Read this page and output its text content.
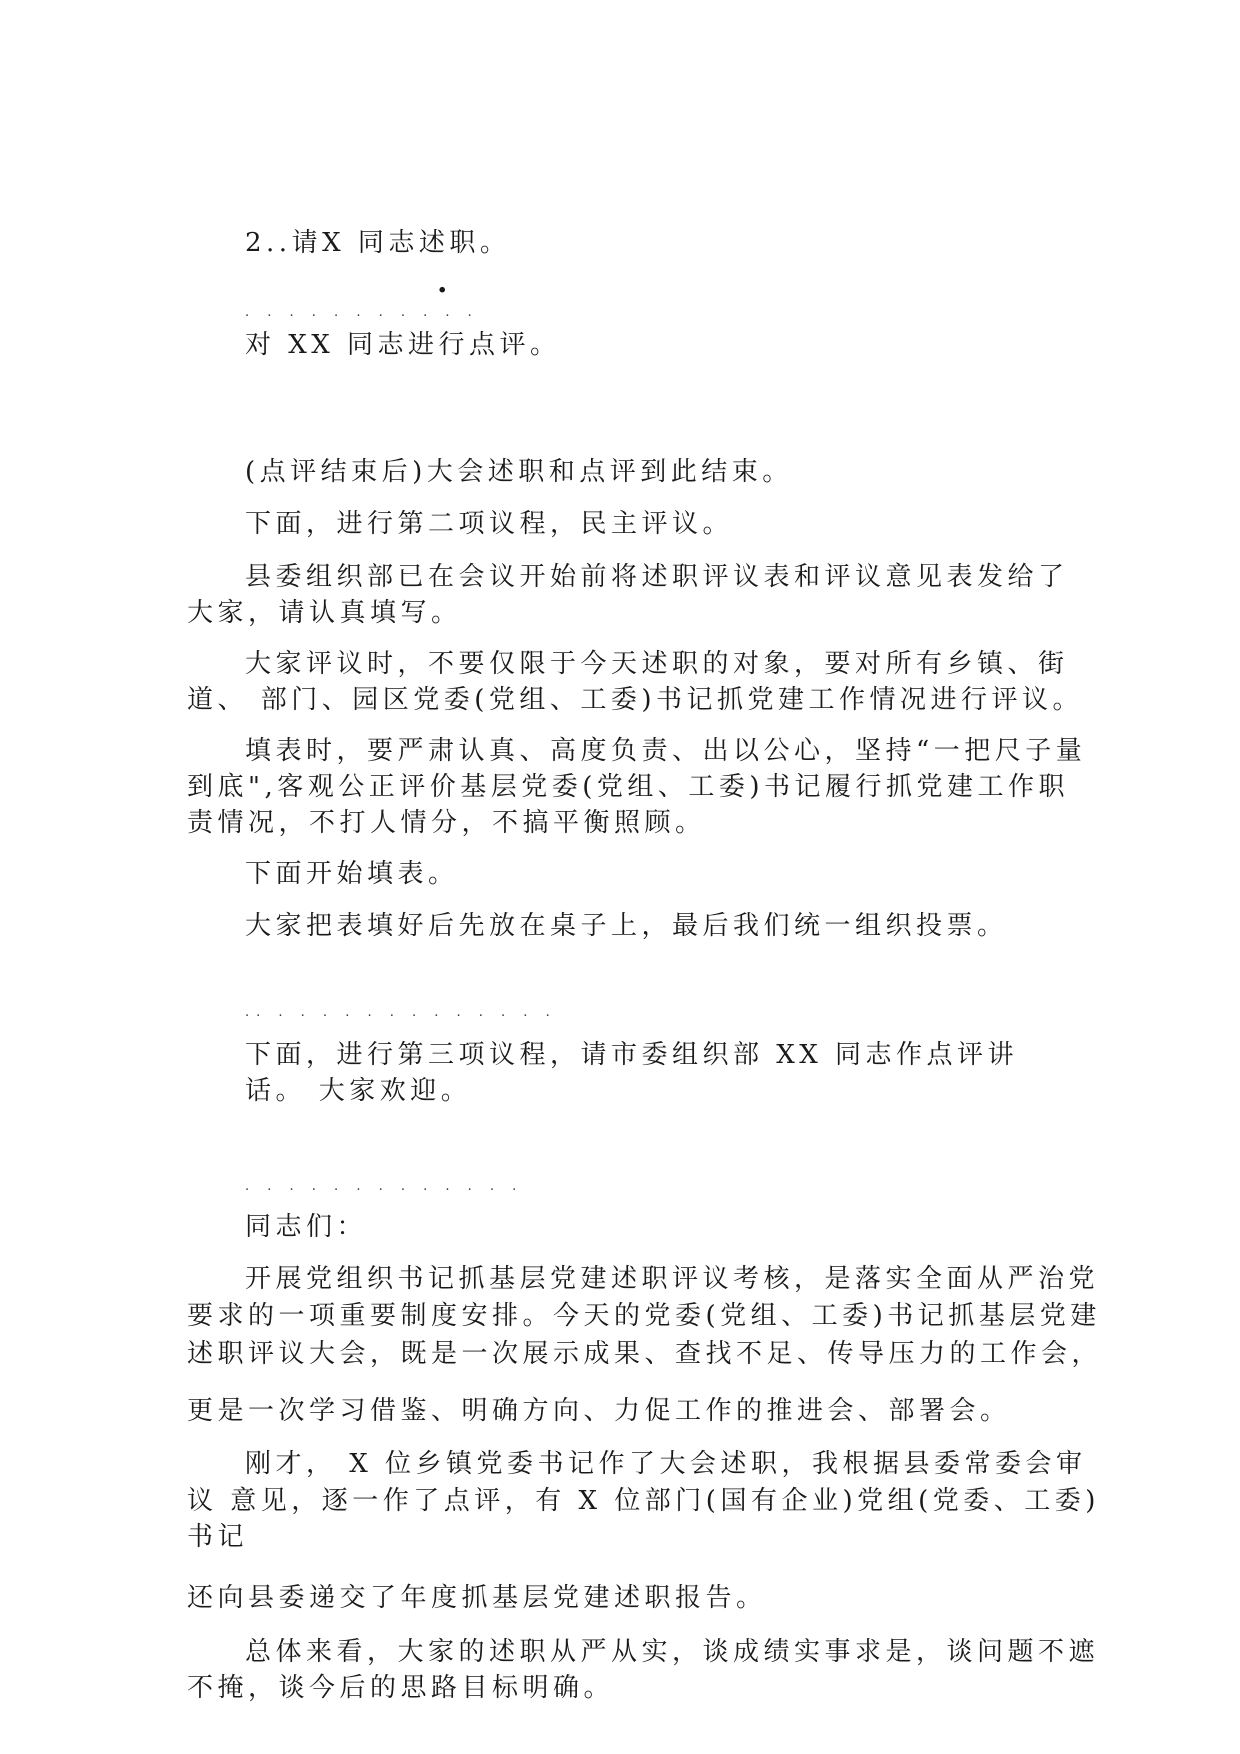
2..请X 同志述职。

.

. . . . . . . . . . .

对 XX 同志进行点评。

(点评结束后)大会述职和点评到此结束。

下面，进行第二项议程，民主评议。

县委组织部已在会议开始前将述职评议表和评议意见表发给了

大家，请认真填写。

大家评议时，不要仅限于今天述职的对象，要对所有乡镇、街

道、 部门、园区党委(党组、工委)书记抓党建工作情况进行评议。

填表时，要严肃认真、高度负责、出以公心，坚持“一把尺子量

到底",客观公正评价基层党委(党组、工委)书记履行抓党建工作职

责情况，不打人情分，不搞平衡照顾。

下面开始填表。

大家把表填好后先放在桌子上，最后我们统一组织投票。

.. . . . . . . . . . . . . .

下面，进行第三项议程，请市委组织部 XX 同志作点评讲

话。 大家欢迎。

. . . . . . . . . . . . .

同志们：

开展党组织书记抓基层党建述职评议考核，是落实全面从严治党

要求的一项重要制度安排。今天的党委(党组、工委)书记抓基层党建

述职评议大会，既是一次展示成果、查找不足、传导压力的工作会，

更是一次学习借鉴、明确方向、力促工作的推进会、部署会。

刚才， X 位乡镇党委书记作了大会述职，我根据县委常委会审

议 意见，逐一作了点评，有 X 位部门(国有企业)党组(党委、工委)

书记

还向县委递交了年度抓基层党建述职报告。

总体来看，大家的述职从严从实，谈成绩实事求是，谈问题不遮

不掩，谈今后的思路目标明确。
